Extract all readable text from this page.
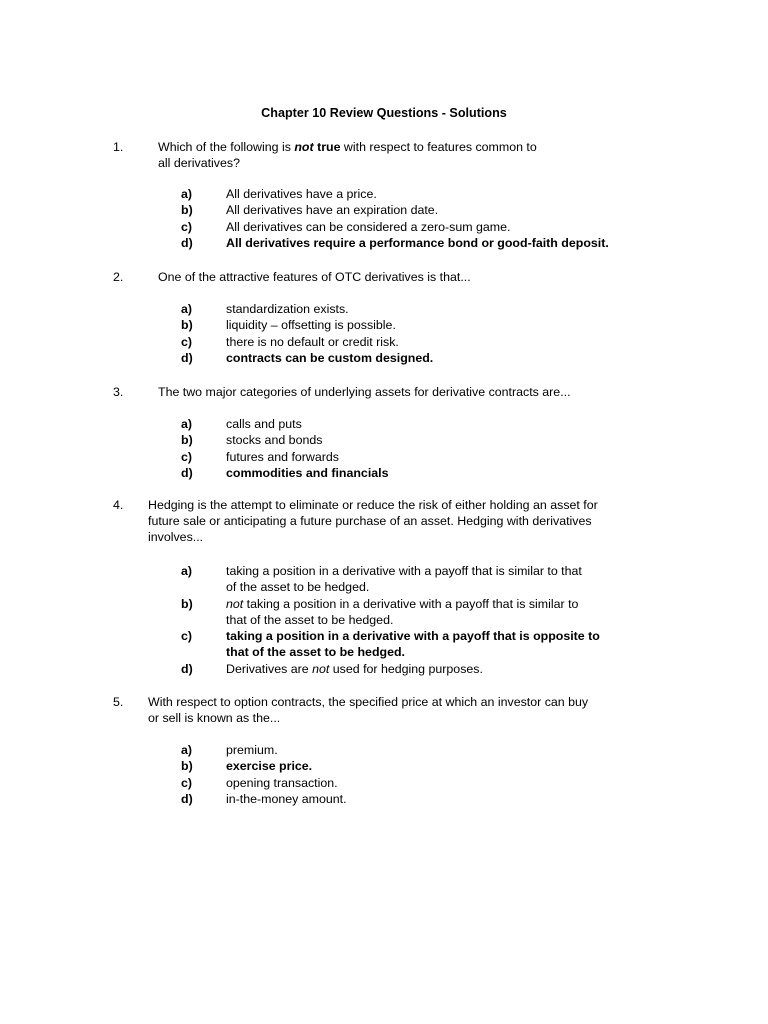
Chapter 10 Review Questions - Solutions
1.	Which of the following is not true with respect to features common to
all derivatives?
a)	All derivatives have a price.
b)	All derivatives have an expiration date.
c)	All derivatives can be considered a zero-sum game.
d)	All derivatives require a performance bond or good-faith deposit.
2.	One of the attractive features of OTC derivatives is that...
a)	standardization exists.
b)	liquidity – offsetting is possible.
c)	there is no default or credit risk.
d)	contracts can be custom designed.
3.	The two major categories of underlying assets for derivative contracts are...
a)	calls and puts
b)	stocks and bonds
c)	futures and forwards
d)	commodities and financials
4. Hedging is the attempt to eliminate or reduce the risk of either holding an asset for
future sale or anticipating a future purchase of an asset. Hedging with derivatives
involves...
a)	taking a position in a derivative with a payoff that is similar to that
of the asset to be hedged.
b)	not taking a position in a derivative with a payoff that is similar to
that of the asset to be hedged.
c)	taking a position in a derivative with a payoff that is opposite to
that of the asset to be hedged.
d)	Derivatives are not used for hedging purposes.
5. With respect to option contracts, the specified price at which an investor can buy
or sell is known as the...
a)	premium.
b)	exercise price.
c)	opening transaction.
d)	in-the-money amount.
